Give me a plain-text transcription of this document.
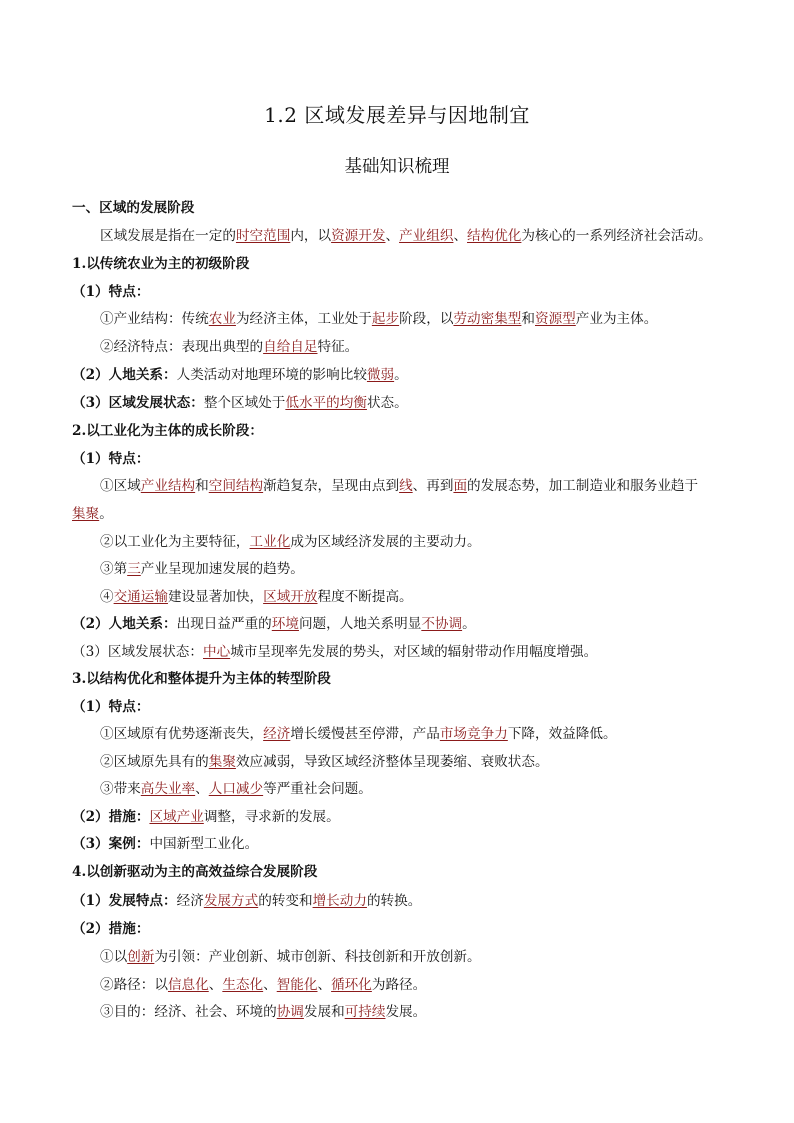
1.2 区域发展差异与因地制宜
基础知识梳理
一、区域的发展阶段
区域发展是指在一定的时空范围内，以资源开发、产业组织、结构优化为核心的一系列经济社会活动。
1.以传统农业为主的初级阶段
（1）特点：
①产业结构：传统农业为经济主体，工业处于起步阶段，以劳动密集型和资源型产业为主体。
②经济特点：表现出典型的自给自足特征。
（2）人地关系：人类活动对地理环境的影响比较微弱。
（3）区域发展状态：整个区域处于低水平的均衡状态。
2.以工业化为主体的成长阶段：
（1）特点：
①区域产业结构和空间结构渐趋复杂，呈现由点到线、再到面的发展态势，加工制造业和服务业趋于
集聚。
②以工业化为主要特征，工业化成为区域经济发展的主要动力。
③第三产业呈现加速发展的趋势。
④交通运输建设显著加快，区域开放程度不断提高。
（2）人地关系：出现日益严重的环境问题，人地关系明显不协调。
（3）区域发展状态：中心城市呈现率先发展的势头，对区域的辐射带动作用幅度增强。
3.以结构优化和整体提升为主体的转型阶段
（1）特点：
①区域原有优势逐渐丧失，经济增长缓慢甚至停滞，产品市场竞争力下降，效益降低。
②区域原先具有的集聚效应减弱，导致区域经济整体呈现萎缩、衰败状态。
③带来高失业率、人口减少等严重社会问题。
（2）措施：区域产业调整，寻求新的发展。
（3）案例：中国新型工业化。
4.以创新驱动为主的高效益综合发展阶段
（1）发展特点：经济发展方式的转变和增长动力的转换。
（2）措施：
①以创新为引领：产业创新、城市创新、科技创新和开放创新。
②路径：以信息化、生态化、智能化、循环化为路径。
③目的：经济、社会、环境的协调发展和可持续发展。
